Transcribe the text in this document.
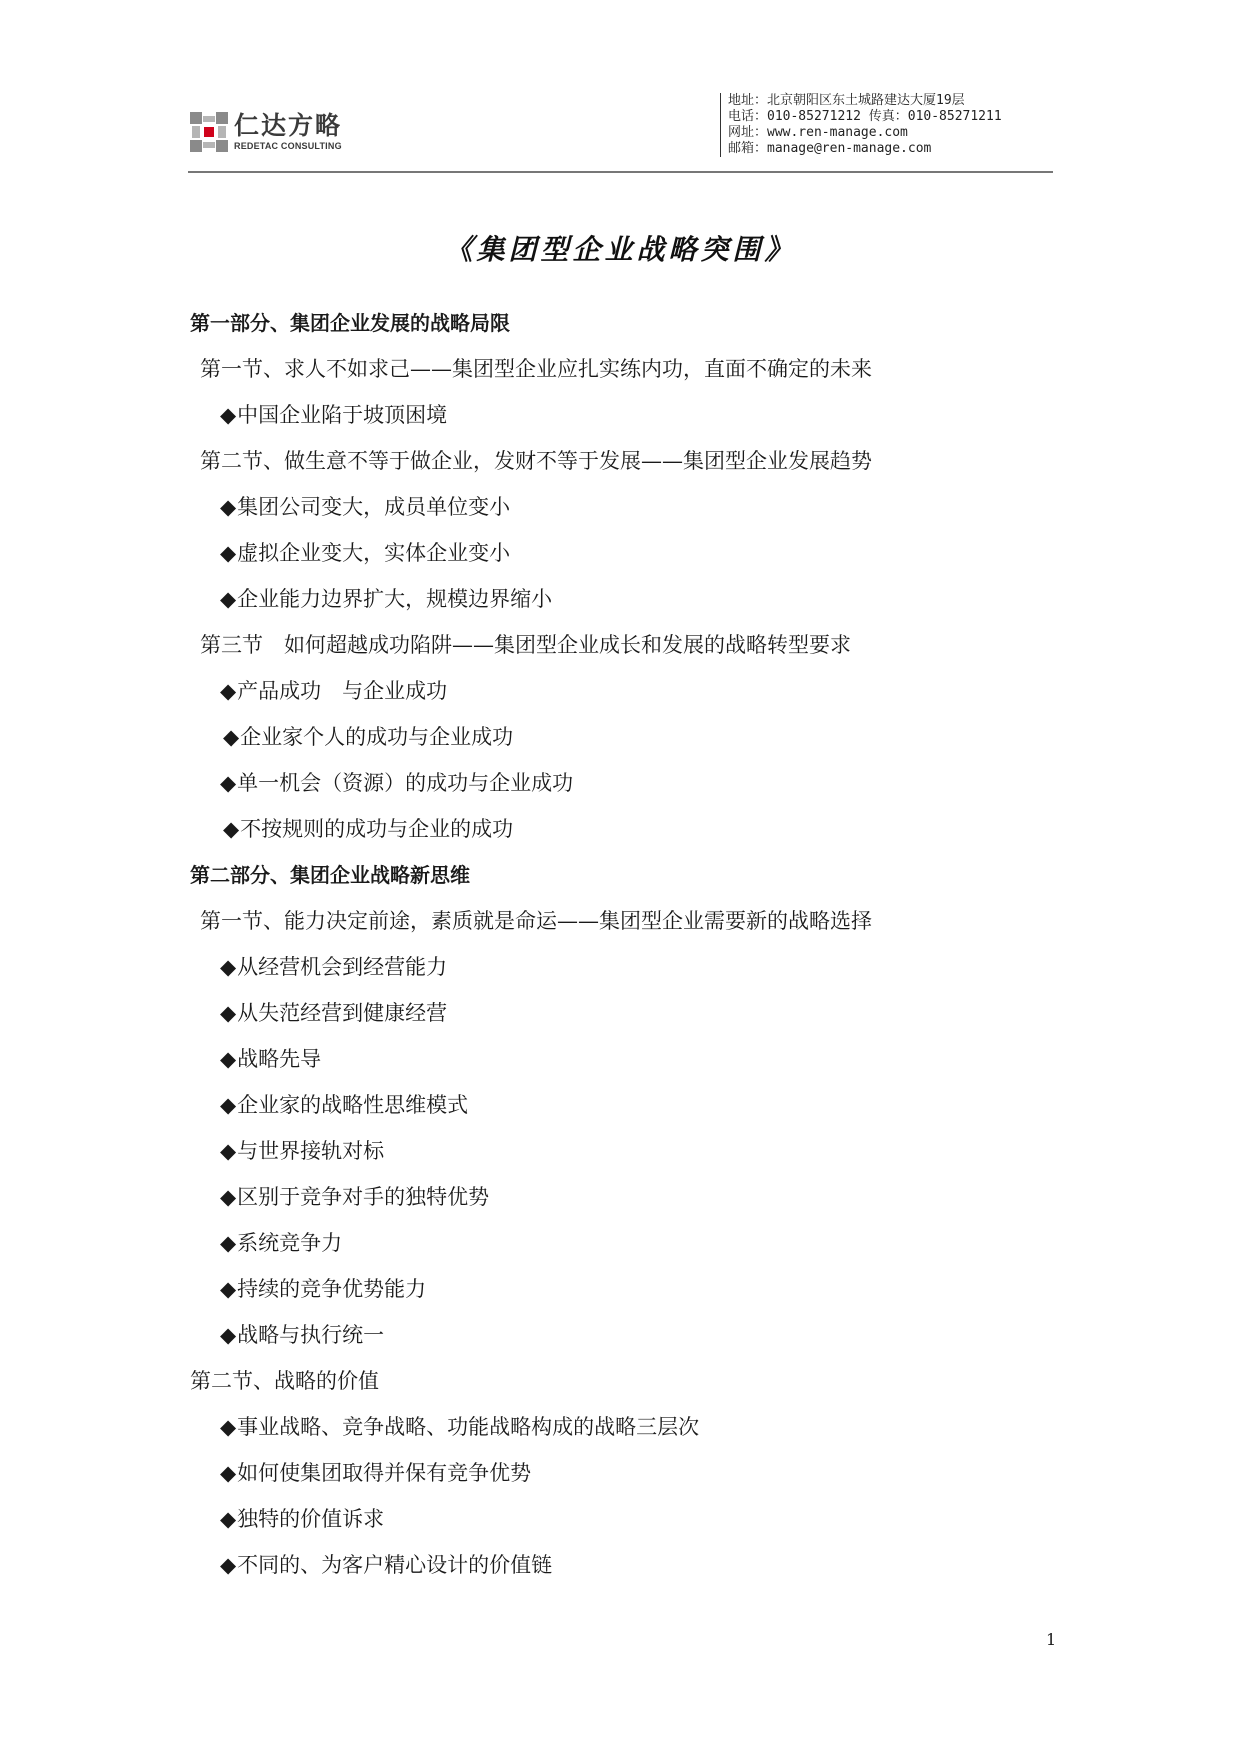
仁达方略
REDETAC CONSULTING
地址：北京朝阳区东土城路建达大厦19层
电话：010-85271212 传真：010-85271211
网址：www.ren-manage.com
邮箱：manage@ren-manage.com
《集团型企业战略突围》
第一部分、集团企业发展的战略局限
第一节、求人不如求己——集团型企业应扎实练内功，直面不确定的未来
◆中国企业陷于坡顶困境
第二节、做生意不等于做企业，发财不等于发展——集团型企业发展趋势
◆集团公司变大，成员单位变小
◆虚拟企业变大，实体企业变小
◆企业能力边界扩大，规模边界缩小
第三节　如何超越成功陷阱——集团型企业成长和发展的战略转型要求
◆产品成功　与企业成功
◆企业家个人的成功与企业成功
◆单一机会（资源）的成功与企业成功
◆不按规则的成功与企业的成功
第二部分、集团企业战略新思维
第一节、能力决定前途，素质就是命运——集团型企业需要新的战略选择
◆从经营机会到经营能力
◆从失范经营到健康经营
◆战略先导
◆企业家的战略性思维模式
◆与世界接轨对标
◆区别于竞争对手的独特优势
◆系统竞争力
◆持续的竞争优势能力
◆战略与执行统一
第二节、战略的价值
◆事业战略、竞争战略、功能战略构成的战略三层次
◆如何使集团取得并保有竞争优势
◆独特的价值诉求
◆不同的、为客户精心设计的价值链
1
